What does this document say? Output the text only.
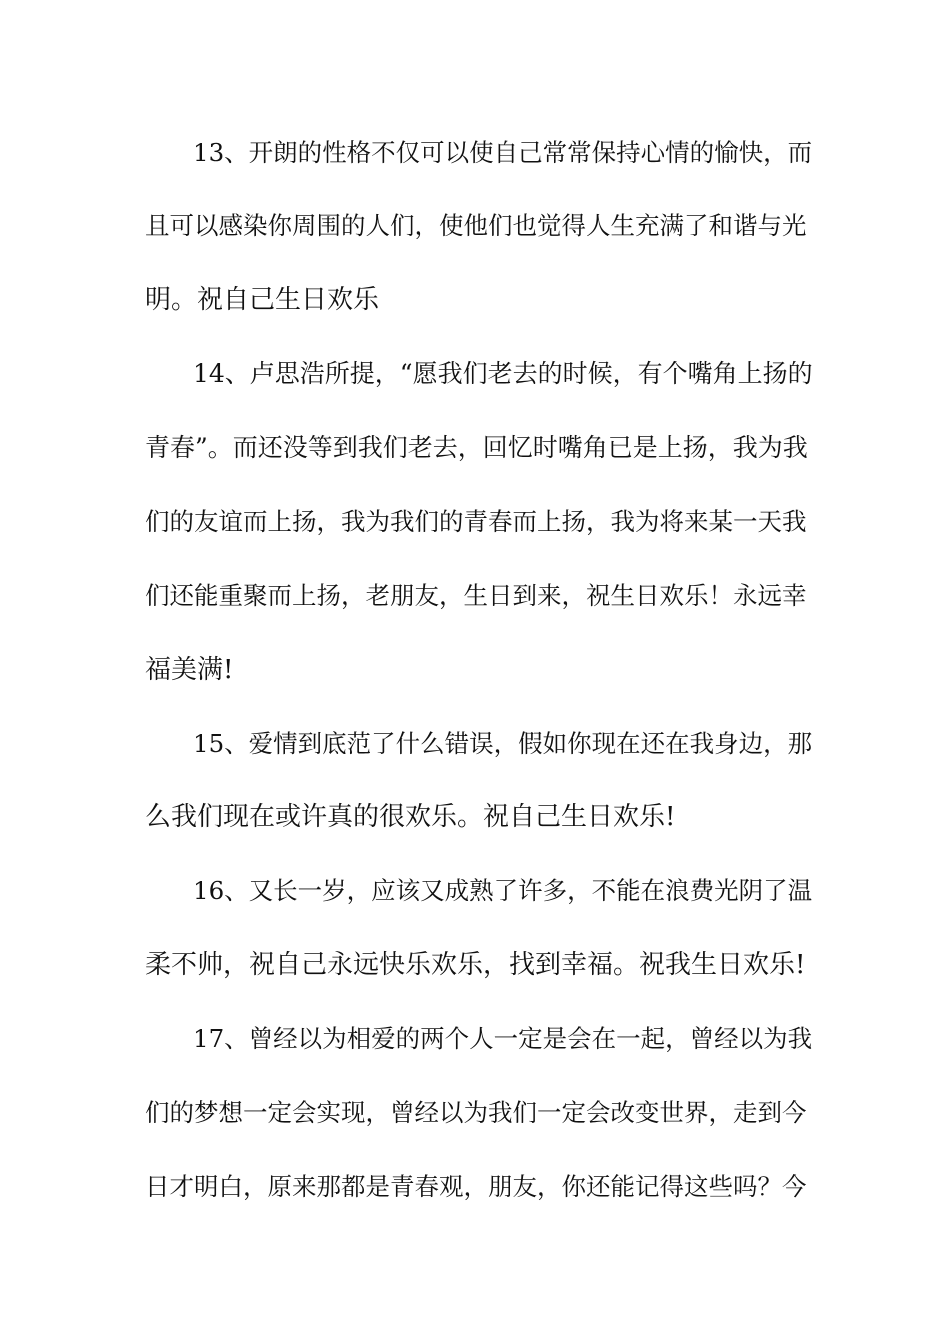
13、开朗的性格不仅可以使自己常常保持心情的愉快，而
且可以感染你周围的人们，使他们也觉得人生充满了和谐与光
明。祝自己生日欢乐
14、卢思浩所提，“愿我们老去的时候，有个嘴角上扬的
青春”。而还没等到我们老去，回忆时嘴角已是上扬，我为我
们的友谊而上扬，我为我们的青春而上扬，我为将来某一天我
们还能重聚而上扬，老朋友，生日到来，祝生日欢乐！永远幸
福美满!
15、爱情到底范了什么错误，假如你现在还在我身边，那
么我们现在或许真的很欢乐。祝自己生日欢乐!
16、又长一岁，应该又成熟了许多，不能在浪费光阴了温
柔不帅，祝自己永远快乐欢乐，找到幸福。祝我生日欢乐!
17、曾经以为相爱的两个人一定是会在一起，曾经以为我
们的梦想一定会实现，曾经以为我们一定会改变世界，走到今
日才明白，原来那都是青春观，朋友，你还能记得这些吗？今
